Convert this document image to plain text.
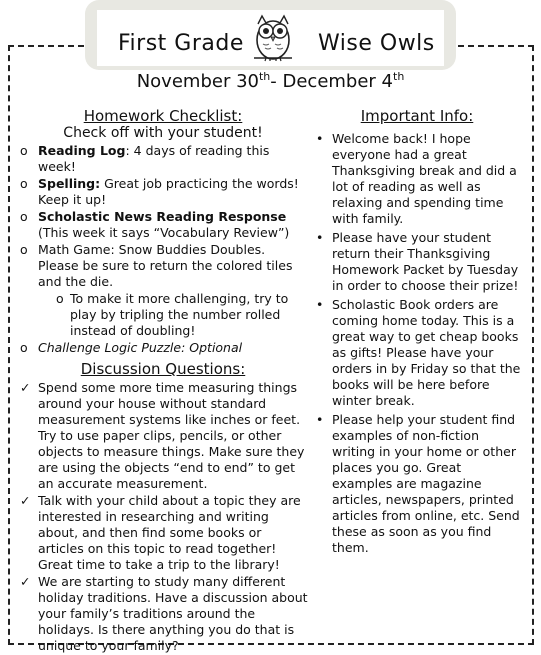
First Grade	Wise Owls
November 30th- December 4th

Homework Checklist:

Check off with your student!

o Reading Log: 4 days of reading this week!
o Spelling: Great job practicing the words! Keep it up!
o Scholastic News Reading Response (This week it says “Vocabulary Review”)
o Math Game: Snow Buddies Doubles. Please be sure to return the colored tiles and the die.
o To make it more challenging, try to play by tripling the number rolled instead of doubling!
o Challenge Logic Puzzle: Optional

Discussion Questions:

✓ Spend some more time measuring things around your house without standard measurement systems like inches or feet. Try to use paper clips, pencils, or other objects to measure things. Make sure they are using the objects “end to end” to get an accurate measurement.
✓ Talk with your child about a topic they are interested in researching and writing about, and then find some books or articles on this topic to read together! Great time to take a trip to the library!
✓ We are starting to study many different holiday traditions. Have a discussion about your family’s traditions around the holidays. Is there anything you do that is unique to your family?

Important Info:

• Welcome back! I hope everyone had a great Thanksgiving break and did a lot of reading as well as relaxing and spending time with family.
• Please have your student return their Thanksgiving Homework Packet by Tuesday in order to choose their prize!
• Scholastic Book orders are coming home today. This is a great way to get cheap books as gifts! Please have your orders in by Friday so that the books will be here before winter break.
• Please help your student find examples of non-fiction writing in your home or other places you go. Great examples are magazine articles, newspapers, printed articles from online, etc. Send these as soon as you find them.
